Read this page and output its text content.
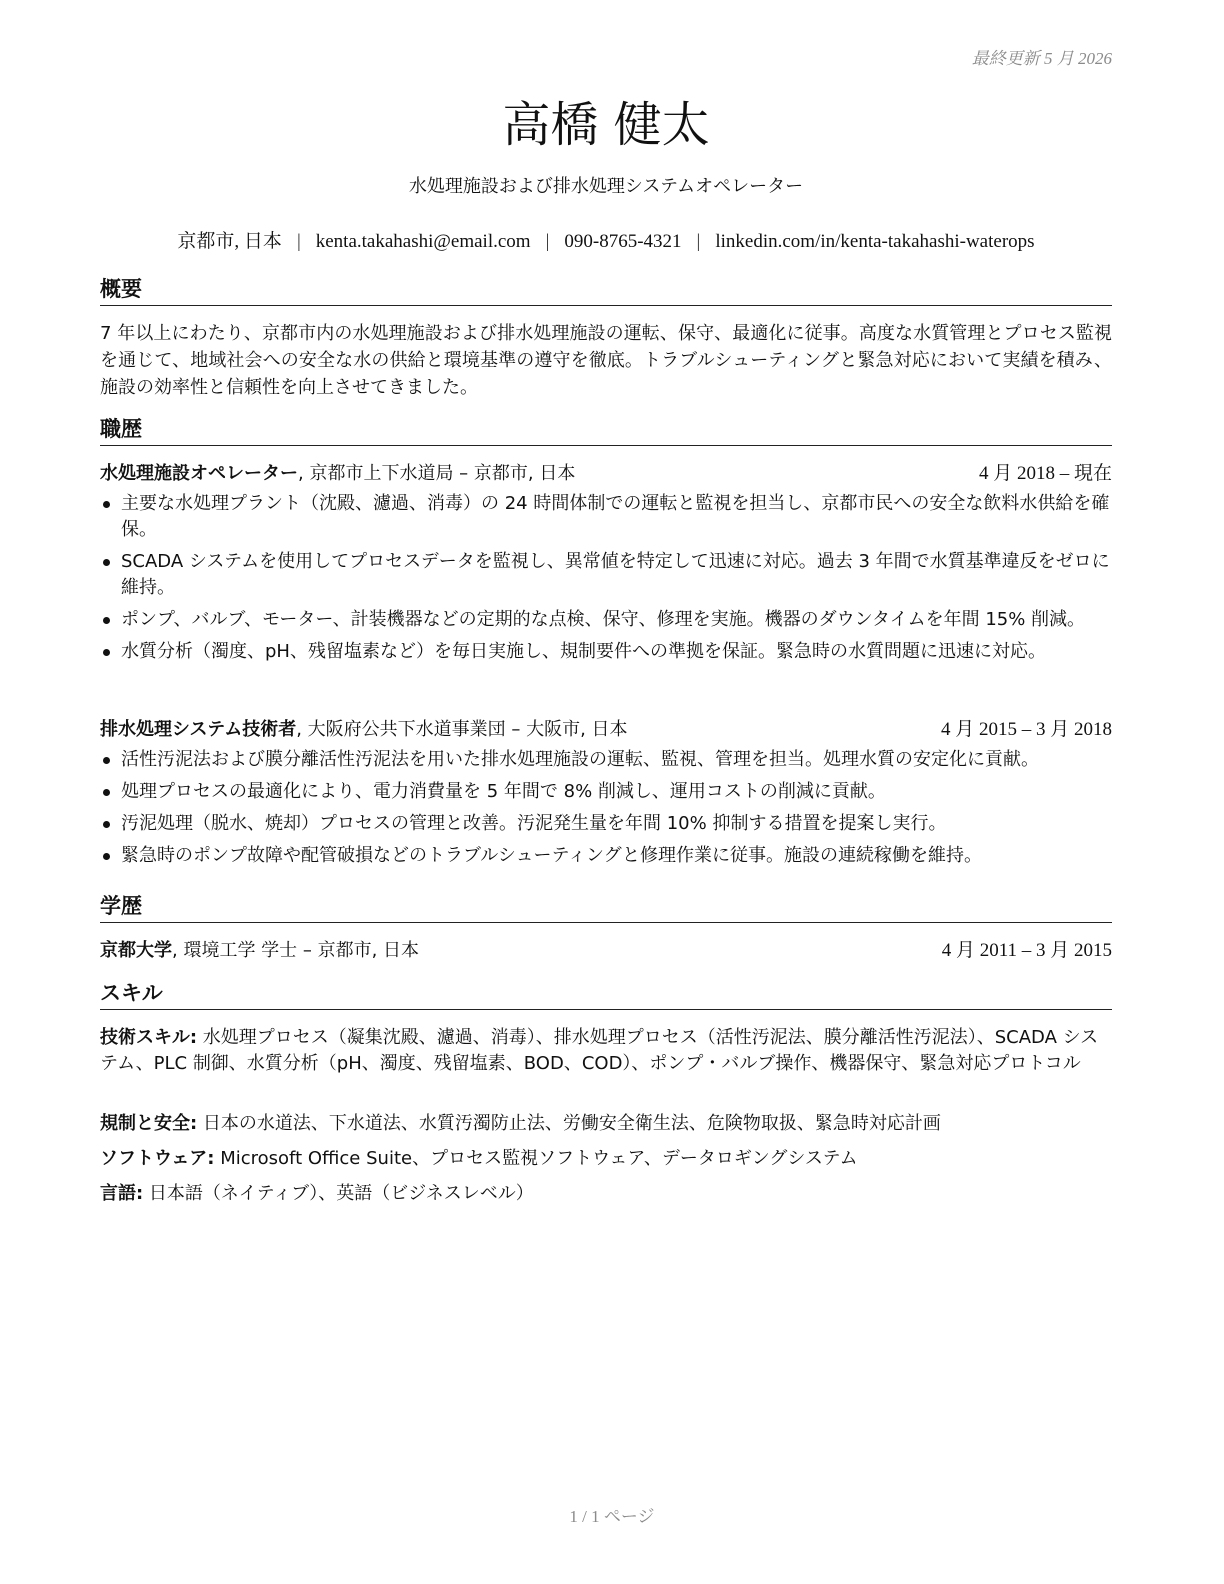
最終更新 5 月 2026
高橋 健太
水処理施設および排水処理システムオペレーター
京都市, 日本 | kenta.takahashi@email.com | 090-8765-4321 | linkedin.com/in/kenta-takahashi-waterops
概要
7 年以上にわたり、京都市内の水処理施設および排水処理施設の運転、保守、最適化に従事。高度な水質管理とプロセス監視を通じて、地域社会への安全な水の供給と環境基準の遵守を徹底。トラブルシューティングと緊急対応において実績を積み、施設の効率性と信頼性を向上させてきました。
職歴
水処理施設オペレーター, 京都市上下水道局 – 京都市, 日本	4 月 2018 – 現在
主要な水処理プラント（沈殿、濾過、消毒）の 24 時間体制での運転と監視を担当し、京都市民への安全な飲料水供給を確保。
SCADA システムを使用してプロセスデータを監視し、異常値を特定して迅速に対応。過去 3 年間で水質基準違反をゼロに維持。
ポンプ、バルブ、モーター、計装機器などの定期的な点検、保守、修理を実施。機器のダウンタイムを年間 15% 削減。
水質分析（濁度、pH、残留塩素など）を毎日実施し、規制要件への準拠を保証。緊急時の水質問題に迅速に対応。
排水処理システム技術者, 大阪府公共下水道事業団 – 大阪市, 日本	4 月 2015 – 3 月 2018
活性汚泥法および膜分離活性汚泥法を用いた排水処理施設の運転、監視、管理を担当。処理水質の安定化に貢献。
処理プロセスの最適化により、電力消費量を 5 年間で 8% 削減し、運用コストの削減に貢献。
汚泥処理（脱水、焼却）プロセスの管理と改善。汚泥発生量を年間 10% 抑制する措置を提案し実行。
緊急時のポンプ故障や配管破損などのトラブルシューティングと修理作業に従事。施設の連続稼働を維持。
学歴
京都大学, 環境工学 学士 – 京都市, 日本	4 月 2011 – 3 月 2015
スキル
技術スキル: 水処理プロセス（凝集沈殿、濾過、消毒）、排水処理プロセス（活性汚泥法、膜分離活性汚泥法）、SCADA システム、PLC 制御、水質分析（pH、濁度、残留塩素、BOD、COD）、ポンプ・バルブ操作、機器保守、緊急対応プロトコル
規制と安全: 日本の水道法、下水道法、水質汚濁防止法、労働安全衛生法、危険物取扱、緊急時対応計画
ソフトウェア: Microsoft Office Suite、プロセス監視ソフトウェア、データロギングシステム
言語: 日本語（ネイティブ）、英語（ビジネスレベル）
1 / 1 ページ
